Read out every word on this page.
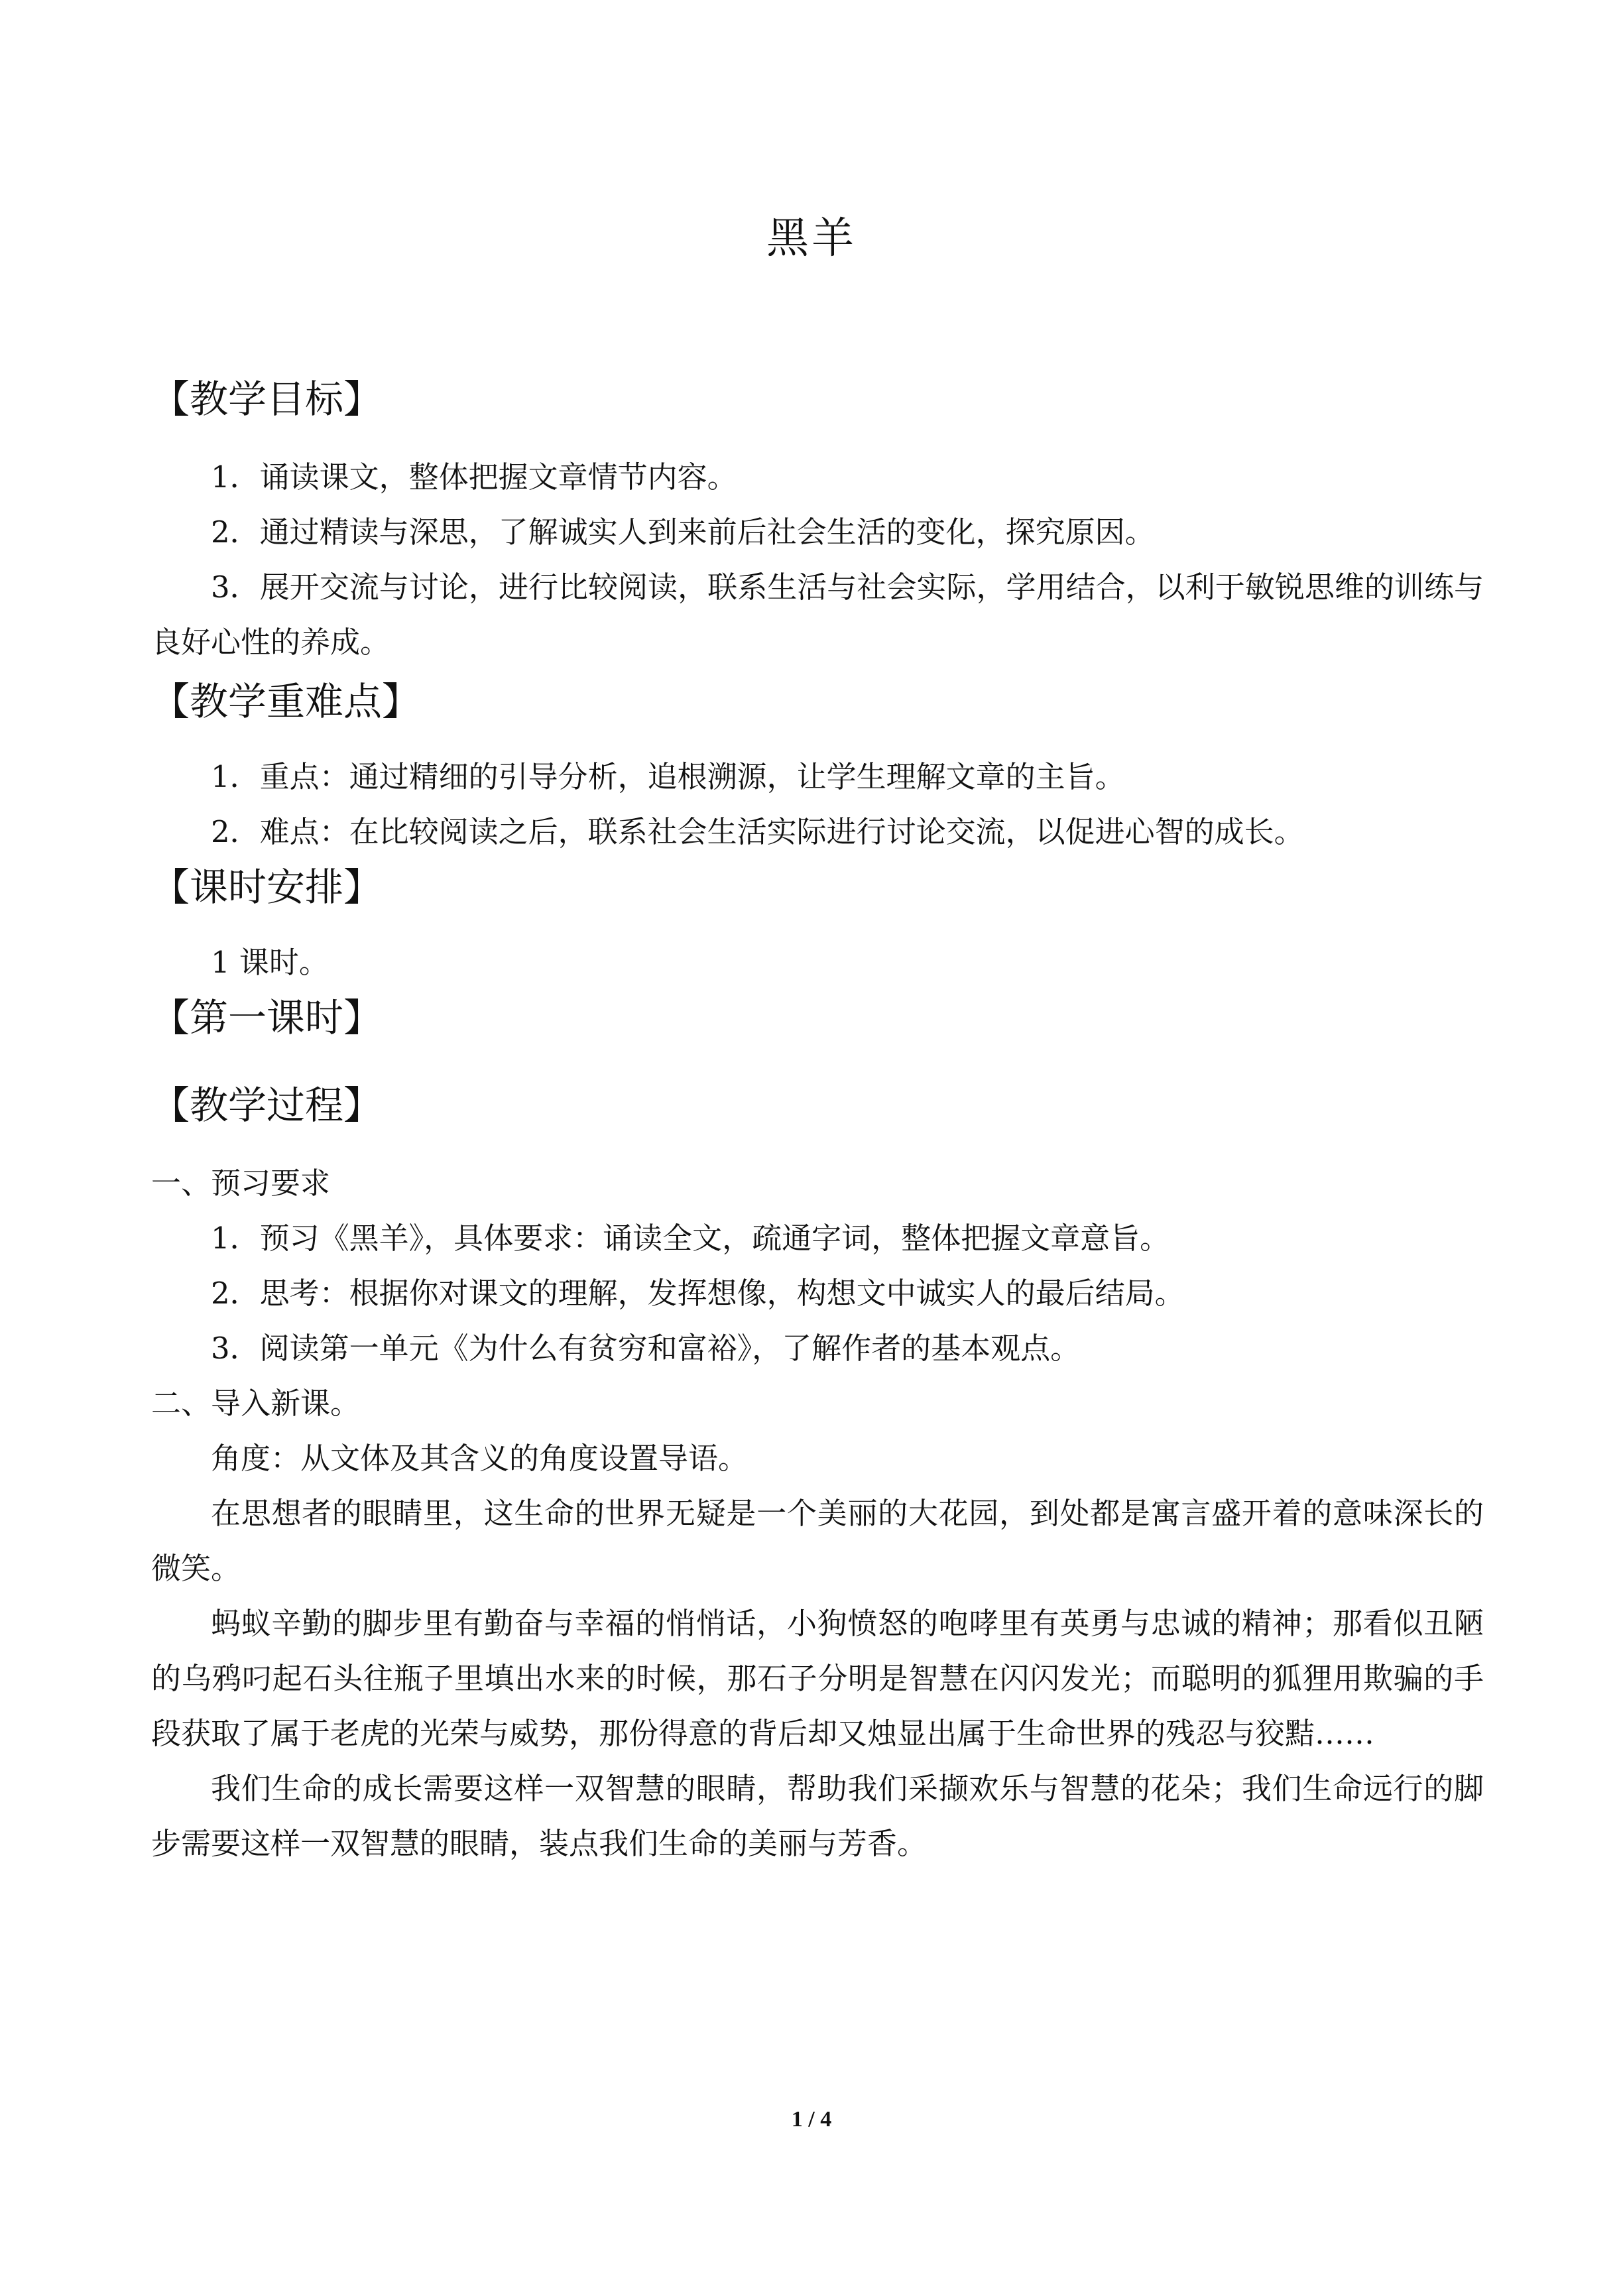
黑羊
【教学目标】

1．诵读课文，整体把握文章情节内容。

2．通过精读与深思，了解诚实人到来前后社会生活的变化，探究原因。

3．展开交流与讨论，进行比较阅读，联系生活与社会实际，学用结合，以利于敏锐思维的训练与良好心性的养成。

【教学重难点】

1．重点：通过精细的引导分析，追根溯源，让学生理解文章的主旨。

2．难点：在比较阅读之后，联系社会生活实际进行讨论交流，以促进心智的成长。

【课时安排】

1 课时。

【第一课时】
【教学过程】

一、预习要求

1．预习《黑羊》，具体要求：诵读全文，疏通字词，整体把握文章意旨。

2．思考：根据你对课文的理解，发挥想像，构想文中诚实人的最后结局。

3．阅读第一单元《为什么有贫穷和富裕》，了解作者的基本观点。

二、导入新课。

角度：从文体及其含义的角度设置导语。

在思想者的眼睛里，这生命的世界无疑是一个美丽的大花园，到处都是寓言盛开着的意味深长的微笑。

蚂蚁辛勤的脚步里有勤奋与幸福的悄悄话，小狗愤怒的咆哮里有英勇与忠诚的精神；那看似丑陋的乌鸦叼起石头往瓶子里填出水来的时候，那石子分明是智慧在闪闪发光；而聪明的狐狸用欺骗的手段获取了属于老虎的光荣与威势，那份得意的背后却又烛显出属于生命世界的残忍与狡黠……

我们生命的成长需要这样一双智慧的眼睛，帮助我们采撷欢乐与智慧的花朵；我们生命远行的脚步需要这样一双智慧的眼睛，装点我们生命的美丽与芳香。

1 / 4
